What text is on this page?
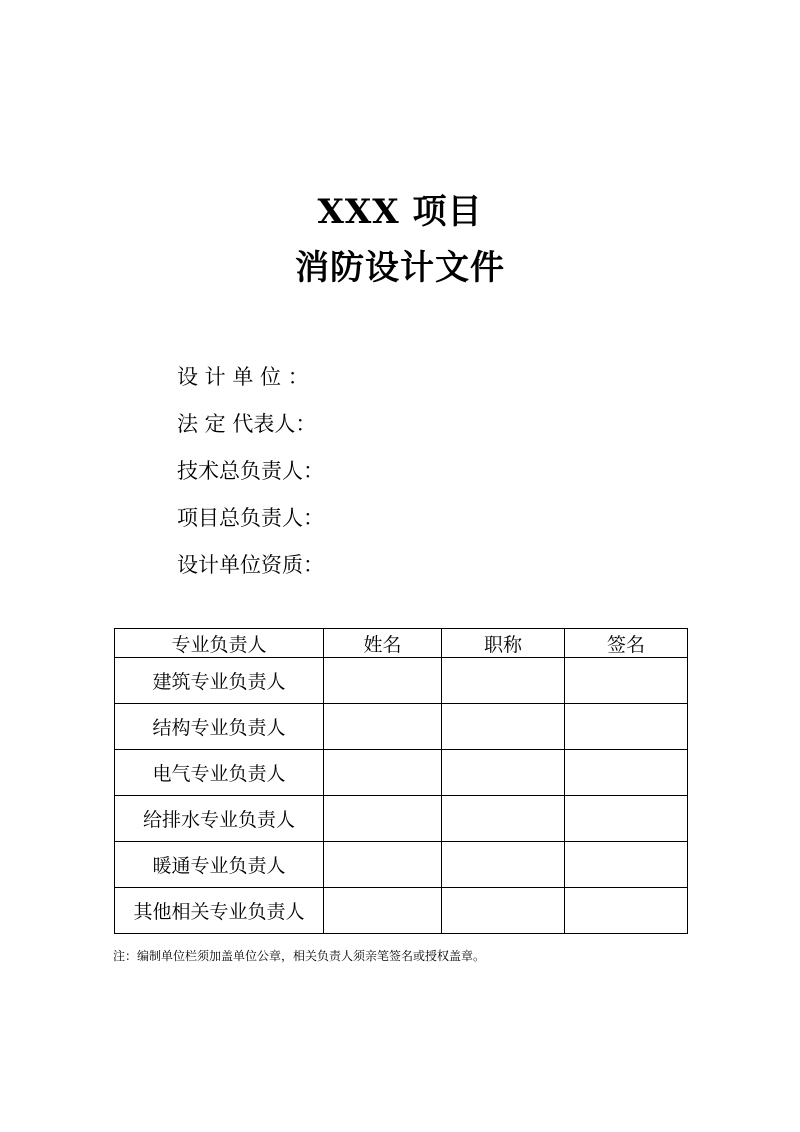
XXX 项目
消防设计文件
设 计 单 位 ：
法 定 代表人：
技术总负责人：
项目总负责人：
设计单位资质：
专业负责人	姓名	职称	签名
建筑专业负责人			
结构专业负责人			
电气专业负责人			
给排水专业负责人			
暖通专业负责人			
其他相关专业负责人			
注：编制单位栏须加盖单位公章，相关负责人须亲笔签名或授权盖章。
